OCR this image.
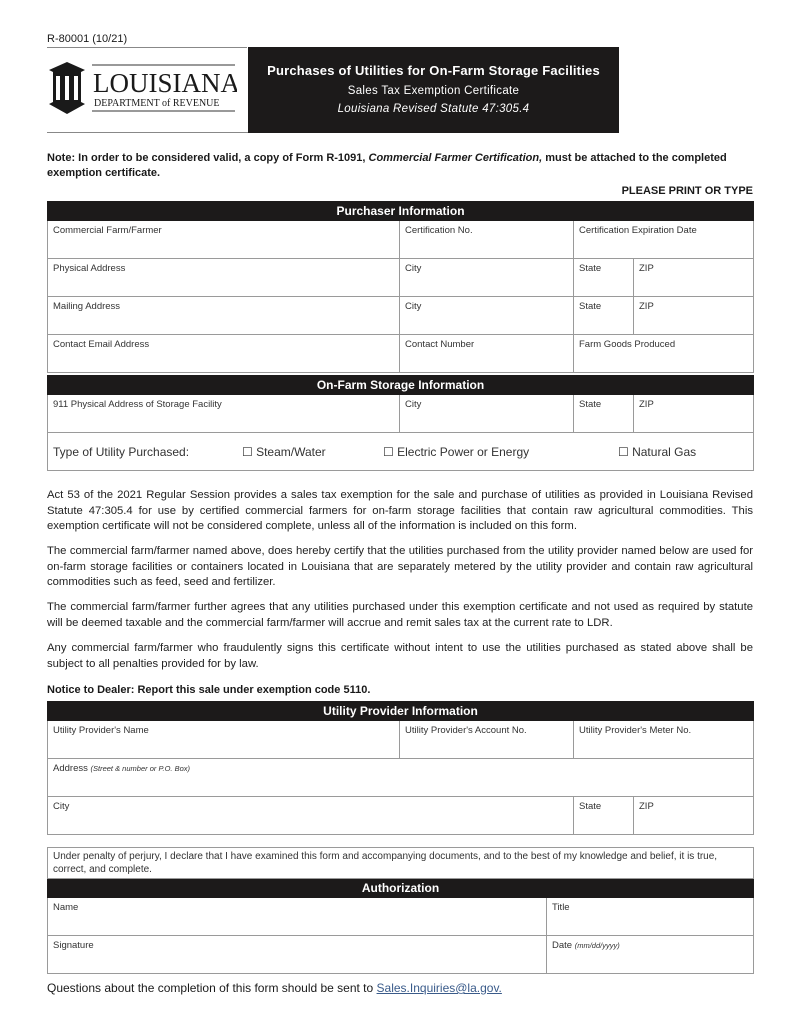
R-80001 (10/21)
LOUISIANA
DEPARTMENT of REVENUE
Purchases of Utilities for On-Farm Storage Facilities
Sales Tax Exemption Certificate
Louisiana Revised Statute 47:305.4
Note: In order to be considered valid, a copy of Form R-1091, Commercial Farmer Certification, must be attached to the completed exemption certificate.
PLEASE PRINT OR TYPE
Purchaser Information			
Commercial Farm/Farmer	Certification No.	Certification Expiration Date	
Physical Address	City	State	ZIP
Mailing Address	City	State	ZIP
Contact Email Address	Contact Number	Farm Goods Produced	
On-Farm Storage Information
911 Physical Address of Storage Facility	City	State	ZIP

Type of Utility Purchased:	☐ Steam/Water	☐ Electric Power or Energy	☐ Natural Gas

Act 53 of the 2021 Regular Session provides a sales tax exemption for the sale and purchase of utilities as provided in Louisiana Revised Statute 47:305.4 for use by certified commercial farmers for on-farm storage facilities that contain raw agricultural commodities. This exemption certificate will not be considered complete, unless all of the information is included on this form.

The commercial farm/farmer named above, does hereby certify that the utilities purchased from the utility provider named below are used for on-farm storage facilities or containers located in Louisiana that are separately metered by the utility provider and contain raw agricultural commodities such as feed, seed and fertilizer.

The commercial farm/farmer further agrees that any utilities purchased under this exemption certificate and not used as required by statute will be deemed taxable and the commercial farm/farmer will accrue and remit sales tax at the current rate to LDR.

Any commercial farm/farmer who fraudulently signs this certificate without intent to use the utilities purchased as stated above shall be subject to all penalties provided for by law.

Notice to Dealer: Report this sale under exemption code 5110.
Utility Provider Information			
Utility Provider's Name	Utility Provider's Account No.	Utility Provider's Meter No.	
Address (Street & number or P.O. Box)			
City		State	ZIP
Under penalty of perjury, I declare that I have examined this form and accompanying documents, and to the best of my knowledge and belief, it is true, correct, and complete.	
Authorization	
Name	Title
Signature	Date (mm/dd/yyyy)
Questions about the completion of this form should be sent to Sales.Inquiries@la.gov.
